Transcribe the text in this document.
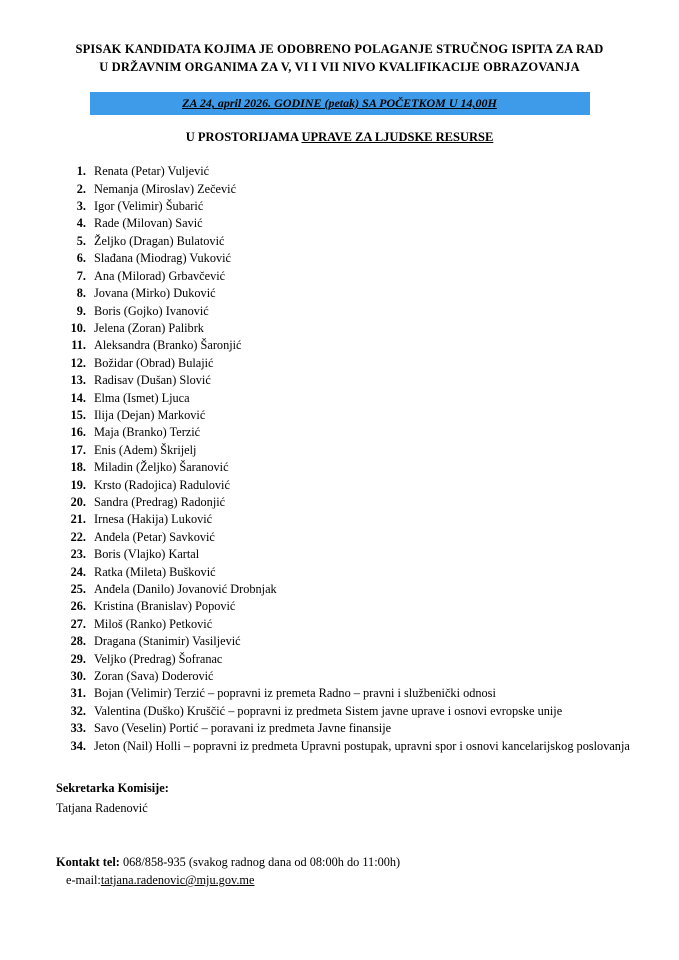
SPISAK KANDIDATA KOJIMA JE ODOBRENO POLAGANJE STRUČNOG ISPITA ZA RAD
U DRŽAVNIM ORGANIMA ZA V, VI I VII NIVO KVALIFIKACIJE OBRAZOVANJA
ZA 24, april 2026. GODINE (petak) SA POČETKOM U 14,00H
U PROSTORIJAMA UPRAVE ZA LJUDSKE RESURSE
1. Renata (Petar) Vuljević
2. Nemanja (Miroslav) Zečević
3. Igor (Velimir) Šubarić
4. Rade (Milovan) Savić
5. Željko (Dragan) Bulatović
6. Slađana (Miodrag) Vuković
7. Ana (Milorad) Grbavčević
8. Jovana (Mirko) Duković
9. Boris (Gojko) Ivanović
10. Jelena (Zoran) Palibrk
11. Aleksandra (Branko) Šaronjić
12. Božidar (Obrad) Bulajić
13. Radisav (Dušan) Slović
14. Elma (Ismet) Ljuca
15. Ilija (Dejan) Marković
16. Maja (Branko) Terzić
17. Enis (Adem) Škrijelj
18. Miladin (Željko) Šaranović
19. Krsto (Radojica) Radulović
20. Sandra (Predrag) Radonjić
21. Irnesa (Hakija) Luković
22. Anđela (Petar) Savković
23. Boris (Vlajko) Kartal
24. Ratka (Mileta) Bušković
25. Anđela (Danilo) Jovanović Drobnjak
26. Kristina (Branislav) Popović
27. Miloš (Ranko) Petković
28. Dragana (Stanimir) Vasiljević
29. Veljko (Predrag) Šofranac
30. Zoran (Sava) Doderović
31. Bojan (Velimir) Terzić – popravni iz premeta Radno – pravni i službenički odnosi
32. Valentina (Duško) Kruščić – popravni iz predmeta Sistem javne uprave i osnovi evropske unije
33. Savo (Veselin) Portić – poravani iz predmeta Javne finansije
34. Jeton (Nail) Holli – popravni iz predmeta Upravni postupak, upravni spor i osnovi kancelarijskog poslovanja
Sekretarka Komisije:
Tatjana Radenović
Kontakt tel: 068/858-935 (svakog radnog dana od 08:00h do 11:00h)
e-mail:tatjana.radenovic@mju.gov.me
